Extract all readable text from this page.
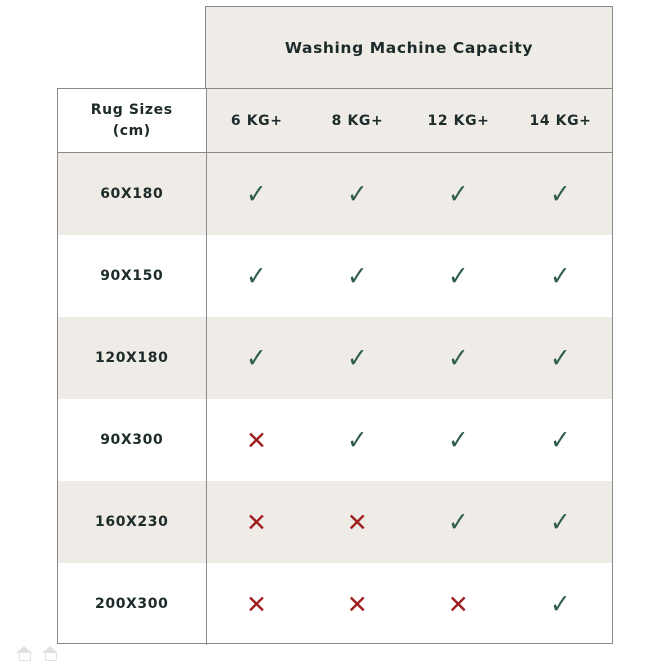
Washing Machine Capacity
Rug Sizes
(cm)	6 KG+	8 KG+	12 KG+	14 KG+
60X180	✓	✓	✓	✓
90X150	✓	✓	✓	✓
120X180	✓	✓	✓	✓
90X300	✕	✓	✓	✓
160X230	✕	✕	✓	✓
200X300	✕	✕	✕	✓
